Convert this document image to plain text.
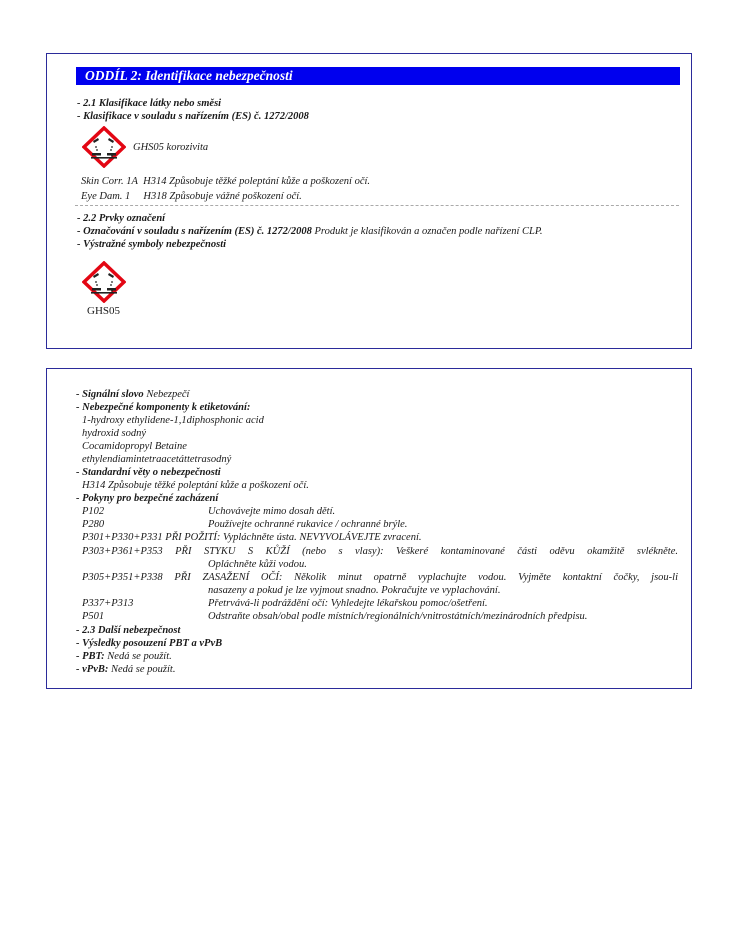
ODDÍL 2: Identifikace nebezpečnosti
- 2.1 Klasifikace látky nebo směsi
- Klasifikace v souladu s nařízením (ES) č. 1272/2008
GHS05 korozivita
Skin Corr. 1A H314 Způsobuje těžké poleptání kůže a poškození očí.
Eye Dam. 1 H318 Způsobuje vážné poškození očí.
- 2.2 Prvky označení
- Označování v souladu s nařízením (ES) č. 1272/2008 Produkt je klasifikován a označen podle nařízení CLP.
- Výstražné symboly nebezpečnosti
GHS05
- Signální slovo Nebezpečí
- Nebezpečné komponenty k etiketování:
1-hydroxy ethylidene-1,1diphosphonic acid
hydroxid sodný
Cocamidopropyl Betaine
ethylendiamintetraacetáttetrasodný
- Standardní věty o nebezpečnosti
H314 Způsobuje těžké poleptání kůže a poškození očí.
- Pokyny pro bezpečné zacházení
P102	Uchovávejte mimo dosah dětí.
P280	Používejte ochranné rukavice / ochranné brýle.
P301+P330+P331 PŘI POŽITÍ: Vypláchněte ústa. NEVYVOLÁVEJTE zvracení.
P303+P361+P353 PŘI STYKU S KŮŽÍ (nebo s vlasy): Veškeré kontaminované části oděvu okamžitě svlékněte.
Opláchněte kůži vodou.
P305+P351+P338 PŘI ZASAŽENÍ OČÍ: Několik minut opatrně vyplachujte vodou. Vyjměte kontaktní čočky, jsou-li
nasazeny a pokud je lze vyjmout snadno. Pokračujte ve vyplachování.
P337+P313	Přetrvává-li podráždění očí: Vyhledejte lékařskou pomoc/ošetření.
P501	Odstraňte obsah/obal podle místních/regionálních/vnitrostátních/mezinárodních předpisu.
- 2.3 Další nebezpečnost
- Výsledky posouzení PBT a vPvB
- PBT: Nedá se použít.
- vPvB: Nedá se použít.
